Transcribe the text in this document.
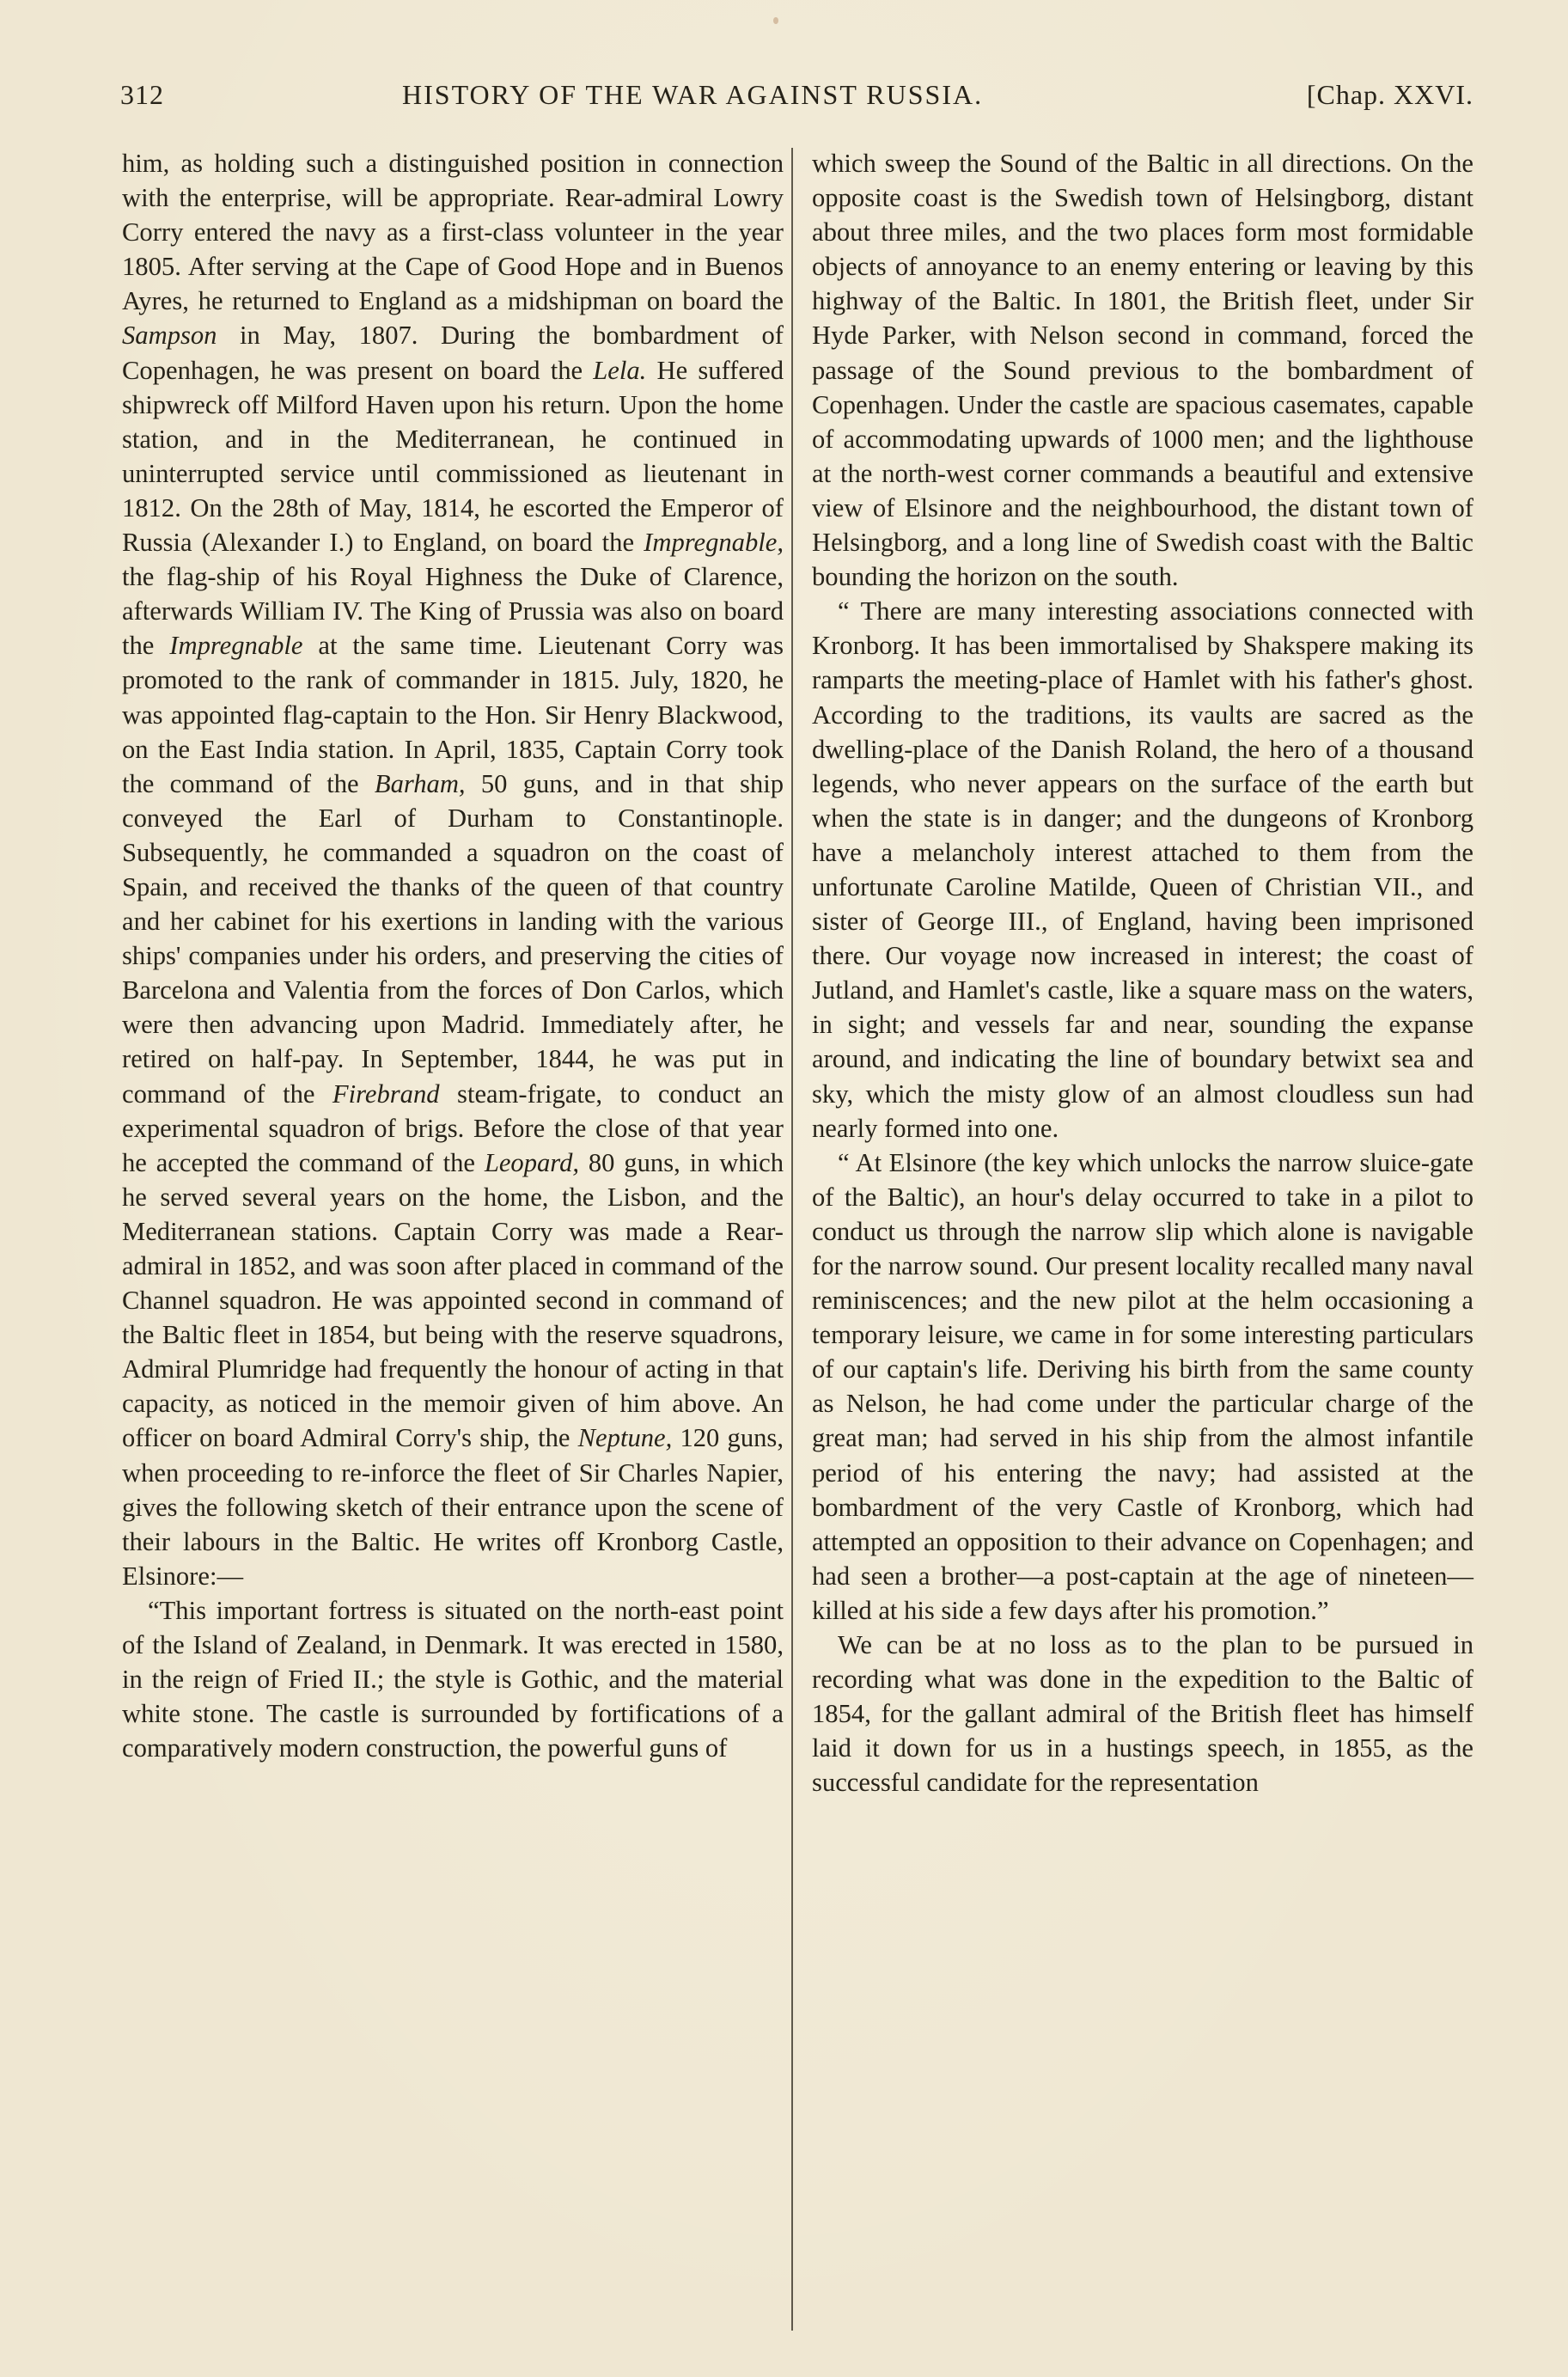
312	HISTORY OF THE WAR AGAINST RUSSIA.	[Chap. XXVI.

him, as holding such a distinguished position in connection with the enterprise, will be appropriate. Rear-admiral Lowry Corry entered the navy as a first-class volunteer in the year 1805. After serving at the Cape of Good Hope and in Buenos Ayres, he returned to England as a midshipman on board the Sampson in May, 1807. During the bombardment of Copenhagen, he was present on board the Lela. He suffered shipwreck off Milford Haven upon his return. Upon the home station, and in the Mediterranean, he continued in uninterrupted service until commissioned as lieutenant in 1812. On the 28th of May, 1814, he escorted the Emperor of Russia (Alexander I.) to England, on board the Impregnable, the flag-ship of his Royal Highness the Duke of Clarence, afterwards William IV. The King of Prussia was also on board the Impregnable at the same time. Lieutenant Corry was promoted to the rank of commander in 1815. July, 1820, he was appointed flag-captain to the Hon. Sir Henry Blackwood, on the East India station. In April, 1835, Captain Corry took the command of the Barham, 50 guns, and in that ship conveyed the Earl of Durham to Constantinople. Subsequently, he commanded a squadron on the coast of Spain, and received the thanks of the queen of that country and her cabinet for his exertions in landing with the various ships' companies under his orders, and preserving the cities of Barcelona and Valentia from the forces of Don Carlos, which were then advancing upon Madrid. Immediately after, he retired on half-pay. In September, 1844, he was put in command of the Firebrand steam-frigate, to conduct an experimental squadron of brigs. Before the close of that year he accepted the command of the Leopard, 80 guns, in which he served several years on the home, the Lisbon, and the Mediterranean stations. Captain Corry was made a Rear-admiral in 1852, and was soon after placed in command of the Channel squadron. He was appointed second in command of the Baltic fleet in 1854, but being with the reserve squadrons, Admiral Plumridge had frequently the honour of acting in that capacity, as noticed in the memoir given of him above. An officer on board Admiral Corry's ship, the Neptune, 120 guns, when proceeding to re-inforce the fleet of Sir Charles Napier, gives the following sketch of their entrance upon the scene of their labours in the Baltic. He writes off Kronborg Castle, Elsinore:—

“This important fortress is situated on the north-east point of the Island of Zealand, in Denmark. It was erected in 1580, in the reign of Fried II.; the style is Gothic, and the material white stone. The castle is surrounded by fortifications of a comparatively modern construction, the powerful guns of

which sweep the Sound of the Baltic in all directions. On the opposite coast is the Swedish town of Helsingborg, distant about three miles, and the two places form most formidable objects of annoyance to an enemy entering or leaving by this highway of the Baltic. In 1801, the British fleet, under Sir Hyde Parker, with Nelson second in command, forced the passage of the Sound previous to the bombardment of Copenhagen. Under the castle are spacious casemates, capable of accommodating upwards of 1000 men; and the lighthouse at the north-west corner commands a beautiful and extensive view of Elsinore and the neighbourhood, the distant town of Helsingborg, and a long line of Swedish coast with the Baltic bounding the horizon on the south.

“ There are many interesting associations connected with Kronborg. It has been immortalised by Shakspere making its ramparts the meeting-place of Hamlet with his father's ghost. According to the traditions, its vaults are sacred as the dwelling-place of the Danish Roland, the hero of a thousand legends, who never appears on the surface of the earth but when the state is in danger; and the dungeons of Kronborg have a melancholy interest attached to them from the unfortunate Caroline Matilde, Queen of Christian VII., and sister of George III., of England, having been imprisoned there. Our voyage now increased in interest; the coast of Jutland, and Hamlet's castle, like a square mass on the waters, in sight; and vessels far and near, sounding the expanse around, and indicating the line of boundary betwixt sea and sky, which the misty glow of an almost cloudless sun had nearly formed into one.

“ At Elsinore (the key which unlocks the narrow sluice-gate of the Baltic), an hour's delay occurred to take in a pilot to conduct us through the narrow slip which alone is navigable for the narrow sound. Our present locality recalled many naval reminiscences; and the new pilot at the helm occasioning a temporary leisure, we came in for some interesting particulars of our captain's life. Deriving his birth from the same county as Nelson, he had come under the particular charge of the great man; had served in his ship from the almost infantile period of his entering the navy; had assisted at the bombardment of the very Castle of Kronborg, which had attempted an opposition to their advance on Copenhagen; and had seen a brother—a post-captain at the age of nineteen—killed at his side a few days after his promotion.”

We can be at no loss as to the plan to be pursued in recording what was done in the expedition to the Baltic of 1854, for the gallant admiral of the British fleet has himself laid it down for us in a hustings speech, in 1855, as the successful candidate for the representation
